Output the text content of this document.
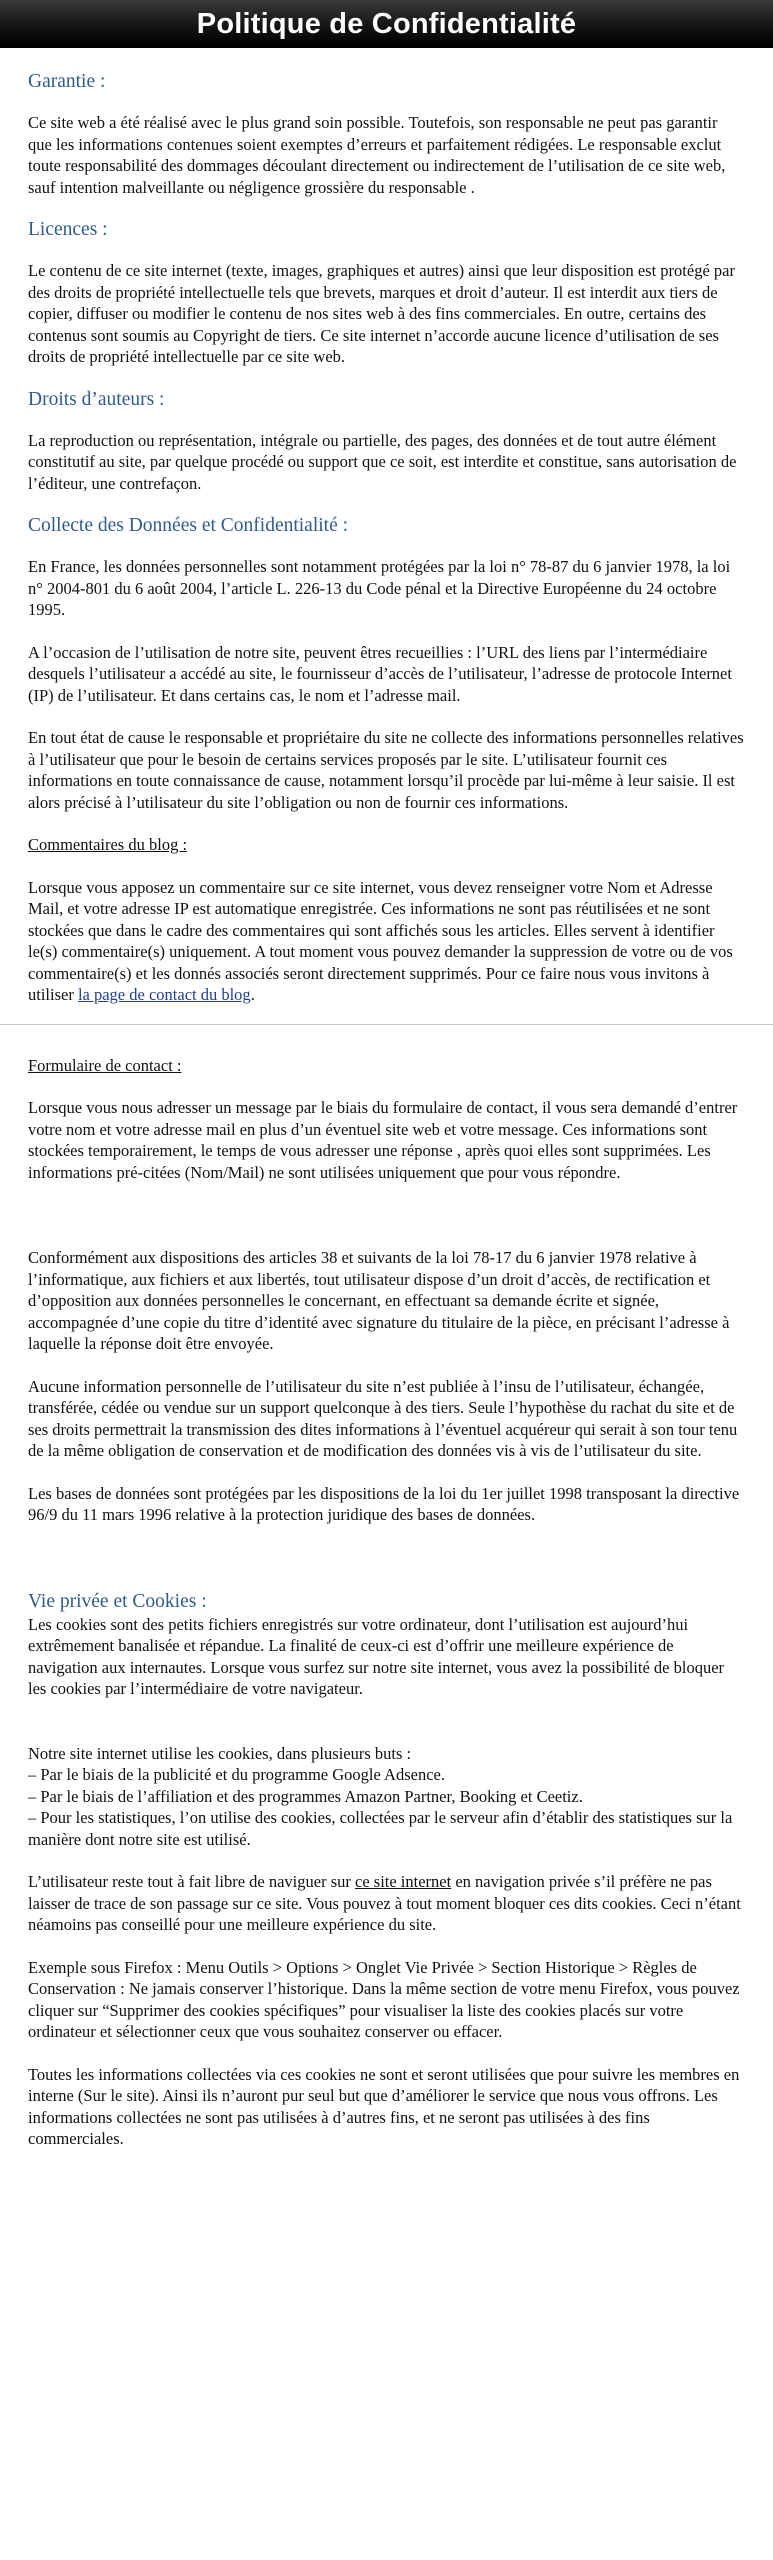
Politique de Confidentialité
Garantie :

Ce site web a été réalisé avec le plus grand soin possible. Toutefois, son responsable ne peut pas garantir que les informations contenues soient exemptes d’erreurs et parfaitement rédigées. Le responsable exclut toute responsabilité des dommages découlant directement ou indirectement de l’utilisation de ce site web, sauf intention malveillante ou négligence grossière du responsable .

Licences :

Le contenu de ce site internet (texte, images, graphiques et autres) ainsi que leur disposition est protégé par des droits de propriété intellectuelle tels que brevets, marques et droit d’auteur. Il est interdit aux tiers de copier, diffuser ou modifier le contenu de nos sites web à des fins commerciales. En outre, certains des contenus sont soumis au Copyright de tiers. Ce site internet n’accorde aucune licence d’utilisation de ses droits de propriété intellectuelle par ce site web.

Droits d’auteurs :

La reproduction ou représentation, intégrale ou partielle, des pages, des données et de tout autre élément constitutif au site, par quelque procédé ou support que ce soit, est interdite et constitue, sans autorisation de l’éditeur, une contrefaçon.

Collecte des Données et Confidentialité :

En France, les données personnelles sont notamment protégées par la loi n° 78-87 du 6 janvier 1978, la loi n° 2004-801 du 6 août 2004, l’article L. 226-13 du Code pénal et la Directive Européenne du 24 octobre 1995.

A l’occasion de l’utilisation de notre site, peuvent êtres recueillies : l’URL des liens par l’intermédiaire desquels l’utilisateur a accédé au site, le fournisseur d’accès de l’utilisateur, l’adresse de protocole Internet (IP) de l’utilisateur. Et dans certains cas, le nom et l’adresse mail.

En tout état de cause le responsable et propriétaire du site ne collecte des informations personnelles relatives à l’utilisateur que pour le besoin de certains services proposés par le site. L’utilisateur fournit ces informations en toute connaissance de cause, notamment lorsqu’il procède par lui-même à leur saisie. Il est alors précisé à l’utilisateur du site l’obligation ou non de fournir ces informations.

Commentaires du blog :

Lorsque vous apposez un commentaire sur ce site internet, vous devez renseigner votre Nom et Adresse Mail, et votre adresse IP est automatique enregistrée. Ces informations ne sont pas réutilisées et ne sont stockées que dans le cadre des commentaires qui sont affichés sous les articles. Elles servent à identifier le(s) commentaire(s) uniquement. A tout moment vous pouvez demander la suppression de votre ou de vos commentaire(s) et les donnés associés seront directement supprimés. Pour ce faire nous vous invitons à utiliser la page de contact du blog.

Formulaire de contact :

Lorsque vous nous adresser un message par le biais du formulaire de contact, il vous sera demandé d’entrer votre nom et votre adresse mail en plus d’un éventuel site web et votre message. Ces informations sont stockées temporairement, le temps de vous adresser une réponse , après quoi elles sont supprimées. Les informations pré-citées (Nom/Mail) ne sont utilisées uniquement que pour vous répondre.

Conformément aux dispositions des articles 38 et suivants de la loi 78-17 du 6 janvier 1978 relative à l’informatique, aux fichiers et aux libertés, tout utilisateur dispose d’un droit d’accès, de rectification et d’opposition aux données personnelles le concernant, en effectuant sa demande écrite et signée, accompagnée d’une copie du titre d’identité avec signature du titulaire de la pièce, en précisant l’adresse à laquelle la réponse doit être envoyée.

Aucune information personnelle de l’utilisateur du site n’est publiée à l’insu de l’utilisateur, échangée, transférée, cédée ou vendue sur un support quelconque à des tiers. Seule l’hypothèse du rachat du site et de ses droits permettrait la transmission des dites informations à l’éventuel acquéreur qui serait à son tour tenu de la même obligation de conservation et de modification des données vis à vis de l’utilisateur du site.

Les bases de données sont protégées par les dispositions de la loi du 1er juillet 1998 transposant la directive 96/9 du 11 mars 1996 relative à la protection juridique des bases de données.

Vie privée et Cookies :

Les cookies sont des petits fichiers enregistrés sur votre ordinateur, dont l’utilisation est aujourd’hui extrêmement banalisée et répandue. La finalité de ceux-ci est d’offrir une meilleure expérience de navigation aux internautes. Lorsque vous surfez sur notre site internet, vous avez la possibilité de bloquer les cookies par l’intermédiaire de votre navigateur.

Notre site internet utilise les cookies, dans plusieurs buts :

– Par le biais de la publicité et du programme Google Adsence.
– Par le biais de l’affiliation et des programmes Amazon Partner, Booking et Ceetiz.
– Pour les statistiques, l’on utilise des cookies, collectées par le serveur afin d’établir des statistiques sur la manière dont notre site est utilisé.

L’utilisateur reste tout à fait libre de naviguer sur ce site internet en navigation privée s’il préfère ne pas laisser de trace de son passage sur ce site. Vous pouvez à tout moment bloquer ces dits cookies. Ceci n’étant néamoins pas conseillé pour une meilleure expérience du site.

Exemple sous Firefox : Menu Outils > Options > Onglet Vie Privée > Section Historique > Règles de Conservation : Ne jamais conserver l’historique. Dans la même section de votre menu Firefox, vous pouvez cliquer sur “Supprimer des cookies spécifiques” pour visualiser la liste des cookies placés sur votre ordinateur et sélectionner ceux que vous souhaitez conserver ou effacer.

Toutes les informations collectées via ces cookies ne sont et seront utilisées que pour suivre les membres en interne (Sur le site). Ainsi ils n’auront pur seul but que d’améliorer le service que nous vous offrons. Les informations collectées ne sont pas utilisées à d’autres fins, et ne seront pas utilisées à des fins commerciales.
